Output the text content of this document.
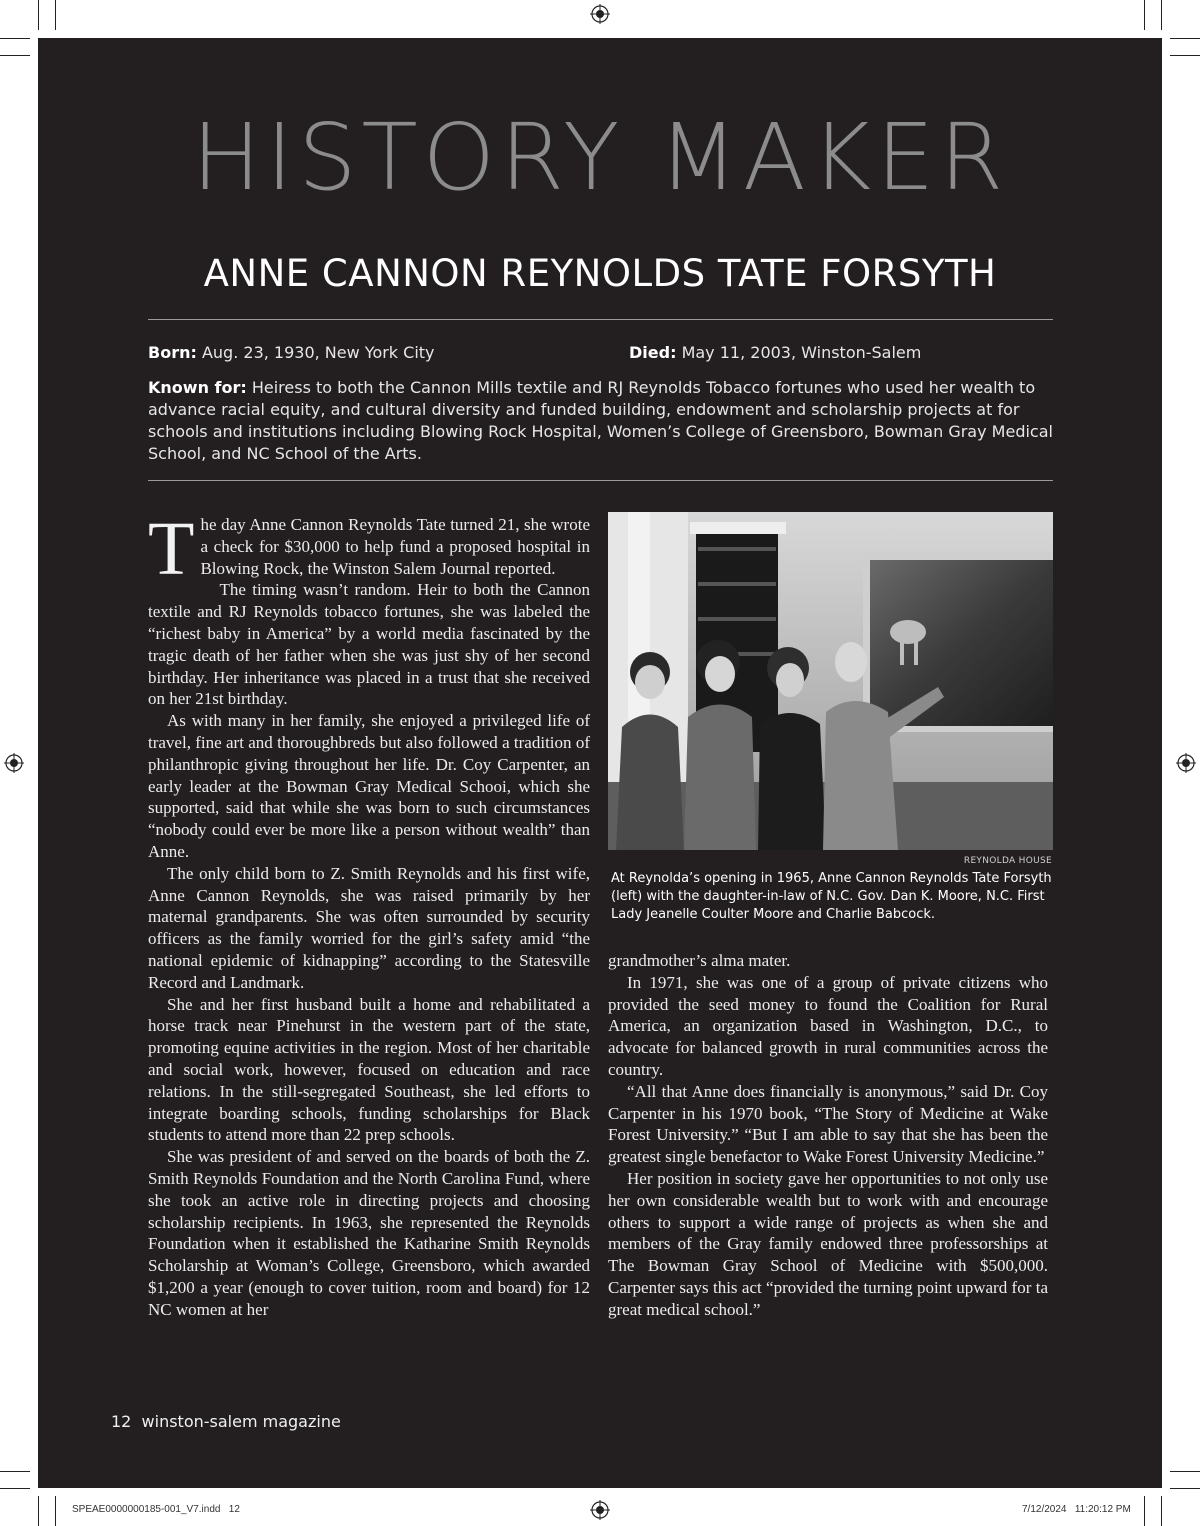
HISTORY MAKER
ANNE CANNON REYNOLDS TATE FORSYTH
Born: Aug. 23, 1930, New York City	Died: May 11, 2003, Winston-Salem
Known for: Heiress to both the Cannon Mills textile and RJ Reynolds Tobacco fortunes who used her wealth to advance racial equity, and cultural diversity and funded building, endowment and scholarship projects at for schools and institutions including Blowing Rock Hospital, Women’s College of Greensboro, Bowman Gray Medical School, and NC School of the Arts.

The day Anne Cannon Reynolds Tate turned 21, she wrote a check for $30,000 to help fund a proposed hospital in Blowing Rock, the Winston Salem Journal reported.

The timing wasn’t random. Heir to both the Cannon textile and RJ Reynolds tobacco fortunes, she was labeled the “richest baby in America” by a world media fascinated by the tragic death of her father when she was just shy of her second birthday. Her inheritance was placed in a trust that she received on her 21st birthday.

As with many in her family, she enjoyed a privileged life of travel, fine art and thoroughbreds but also followed a tradition of philanthropic giving throughout her life. Dr. Coy Carpenter, an early leader at the Bowman Gray Medical Schooi, which she supported, said that while she was born to such circumstances “nobody could ever be more like a person without wealth” than Anne.

The only child born to Z. Smith Reynolds and his first wife, Anne Cannon Reynolds, she was raised primarily by her maternal grandparents. She was often surrounded by security officers as the family worried for the girl’s safety amid “the national epidemic of kidnapping” according to the Statesville Record and Landmark.

She and her first husband built a home and rehabilitated a horse track near Pinehurst in the western part of the state, promoting equine activities in the region. Most of her charitable and social work, however, focused on education and race relations. In the still-segregated Southeast, she led efforts to integrate boarding schools, funding scholarships for Black students to attend more than 22 prep schools.

She was president of and served on the boards of both the Z. Smith Reynolds Foundation and the North Carolina Fund, where she took an active role in directing projects and choosing scholarship recipients. In 1963, she represented the Reynolds Foundation when it established the Katharine Smith Reynolds Scholarship at Woman’s College, Greensboro, which awarded $1,200 a year (enough to cover tuition, room and board) for 12 NC women at her

REYNOLDA HOUSE
At Reynolda’s opening in 1965, Anne Cannon Reynolds Tate Forsyth (left) with the daughter-in-law of N.C. Gov. Dan K. Moore, N.C. First Lady Jeanelle Coulter Moore and Charlie Babcock.

grandmother’s alma mater.

In 1971, she was one of a group of private citizens who provided the seed money to found the Coalition for Rural America, an organization based in Washington, D.C., to advocate for balanced growth in rural communities across the country.

“All that Anne does financially is anonymous,” said Dr. Coy Carpenter in his 1970 book, “The Story of Medicine at Wake Forest University.” “But I am able to say that she has been the greatest single benefactor to Wake Forest University Medicine.”

Her position in society gave her opportunities to not only use her own considerable wealth but to work with and encourage others to support a wide range of projects as when she and members of the Gray family endowed three professorships at The Bowman Gray School of Medicine with $500,000. Carpenter says this act “provided the turning point upward for ta great medical school.”

12 winston-salem magazine
SPEAE0000000185-001_V7.indd   12	7/12/2024   11:20:12 PM
